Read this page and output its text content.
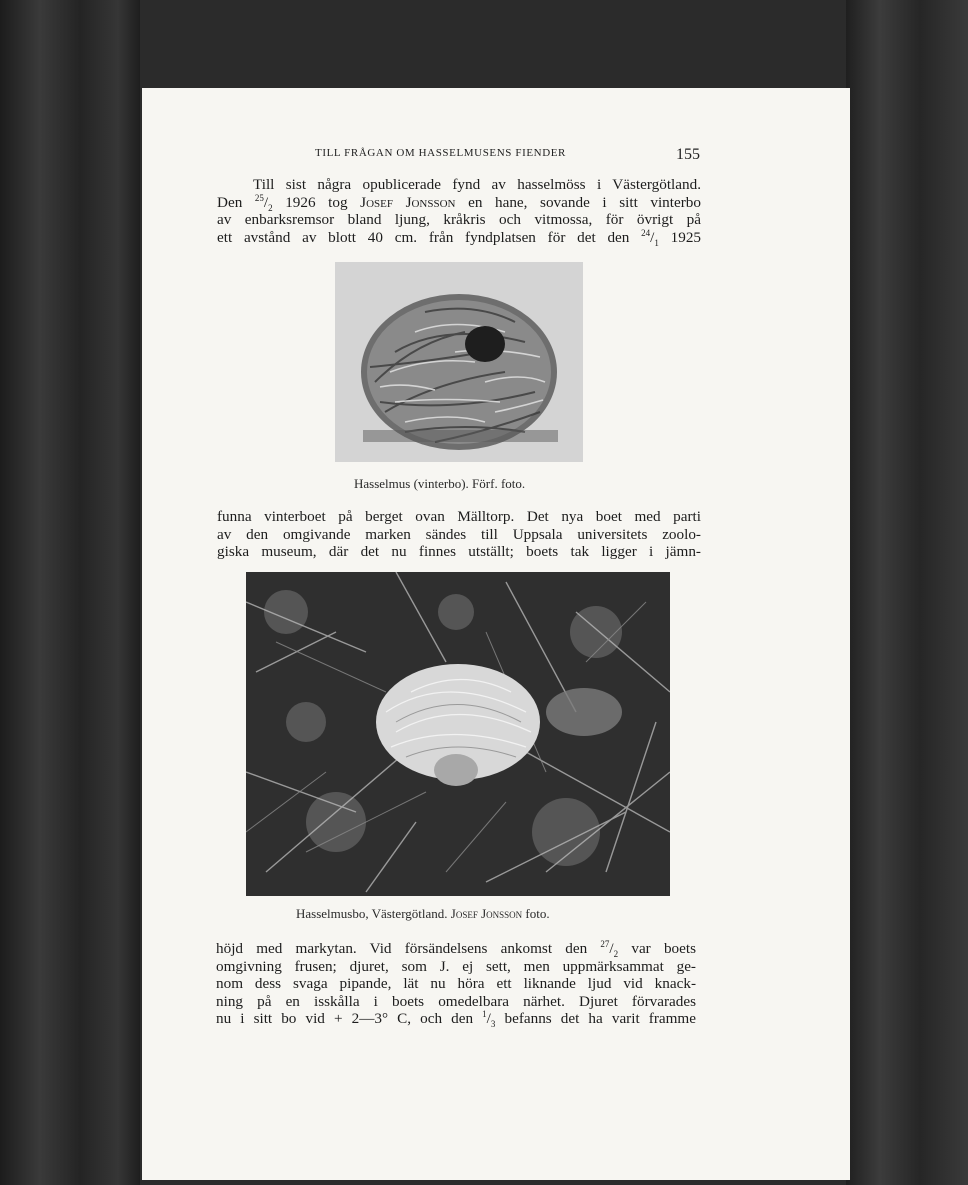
TILL FRÅGAN OM HASSELMUSENS FIENDER	155
Till sist några opublicerade fynd av hasselmöss i Västergötland.
Den $^{25}/_2$ 1926 tog Josef Jonsson en hane, sovande i sitt vinterbo
av enbarksremsor bland ljung, kråkris och vitmossa, för övrigt på
ett avstånd av blott 40 cm. från fyndplatsen för det den $^{24}/_1$ 1925
Hasselmus (vinterbo). Förf. foto.
funna vinterboet på berget ovan Mälltorp. Det nya boet med parti
av den omgivande marken sändes till Uppsala universitets zoolo-
giska museum, där det nu finnes utställt; boets tak ligger i jämn-
Hasselmusbo, Västergötland. Josef Jonsson foto.
höjd med markytan. Vid försändelsens ankomst den $^{27}/_2$ var boets
omgivning frusen; djuret, som J. ej sett, men uppmärksammat ge-
nom dess svaga pipande, lät nu höra ett liknande ljud vid knack-
ning på en isskålla i boets omedelbara närhet. Djuret förvarades
nu i sitt bo vid + 2—3° C, och den $^1/_3$ befanns det ha varit framme
